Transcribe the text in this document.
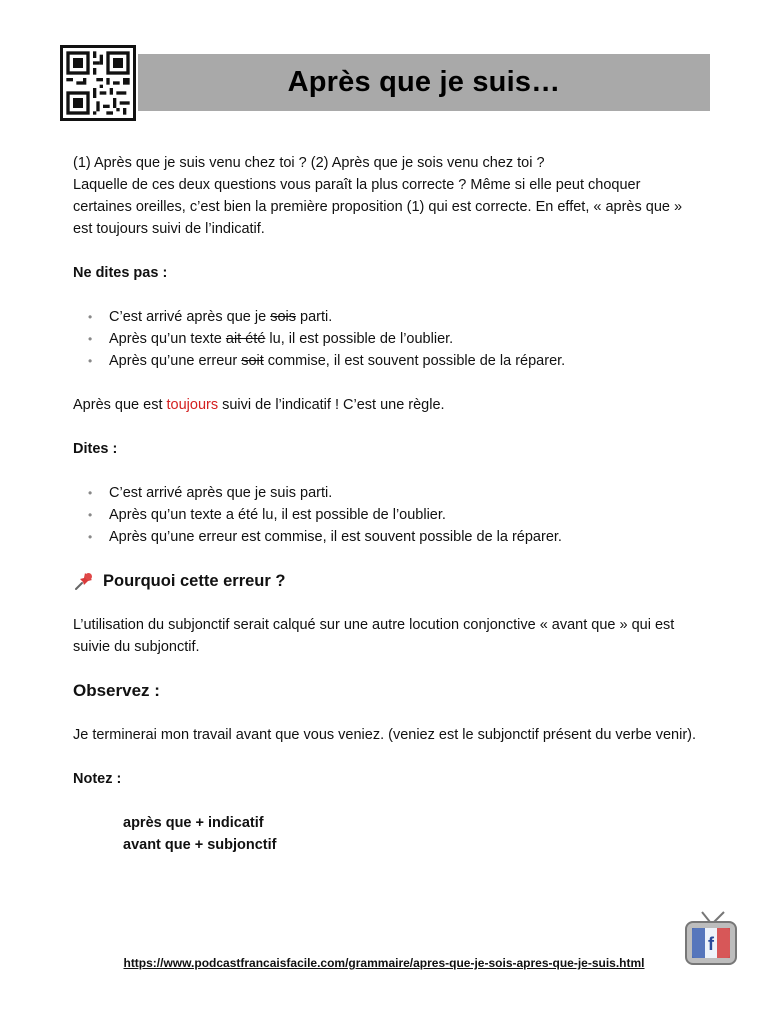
Après que je suis…

(1) Après que je suis venu chez toi ? (2) Après que je sois venu chez toi ?

Laquelle de ces deux questions vous paraît la plus correcte ? Même si elle peut choquer certaines oreilles, c’est bien la première proposition (1) qui est correcte. En effet, « après que » est toujours suivi de l’indicatif.

Ne dites pas :

• C’est arrivé après que je sois parti.
• Après qu’un texte ait été lu, il est possible de l’oublier.
• Après qu’une erreur soit commise, il est souvent possible de la réparer.

Après que est toujours suivi de l’indicatif ! C’est une règle.

Dites :

• C’est arrivé après que je suis parti.
• Après qu’un texte a été lu, il est possible de l’oublier.
• Après qu’une erreur est commise, il est souvent possible de la réparer.
Pourquoi cette erreur ?

L’utilisation du subjonctif serait calqué sur une autre locution conjonctive « avant que » qui est suivie du subjonctif.

Observez :

Je terminerai mon travail avant que vous veniez. (veniez est le subjonctif présent du verbe venir).

Notez :

après que + indicatif

avant que + subjonctif

f
https://www.podcastfrancaisfacile.com/grammaire/apres-que-je-sois-apres-que-je-suis.html
